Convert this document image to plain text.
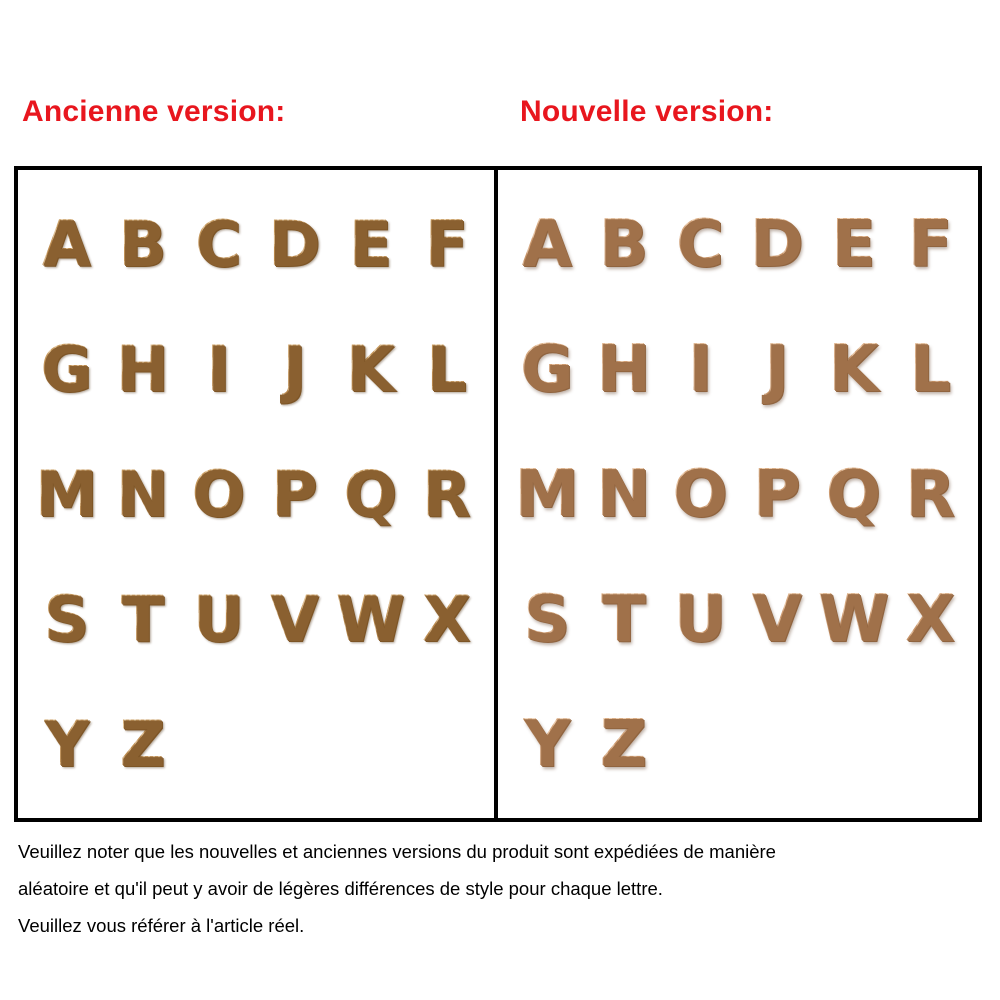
Ancienne version:	Nouvelle version:
A
CUSTOM TEXT
B
CUSTOM TEXT
C D E
CUSTOM TEXT
F
CUSTOM TEXT
G
CUSTOM TEXT
H
CUSTOM TEXT
I
CUSTOM TEXT
J
CUSTOM TEXT
K
CUSTOM TEXT
L
CUSTOM TEXT
M
CUSTOM TEXT
N
CUSTOM TEXT
O
CUSTOM TEXT
P
CUSTOM TEXT
Q
CUSTOM TEXT
R
CUSTOM TEXT
S
CUSTOM TEXT
T
CUSTOM TEXT
U
CUSTOM TEXT
V
CUSTOM TEXT
W
CUSTOM TEXT
X
CUSTOM TEXT
Y
CUSTOM TEXT
Z
CUSTOM TEXT
A B C D E F
G H I J K L
M N O P Q R
S T U V W X
Y Z

Veuillez noter que les nouvelles et anciennes versions du produit sont expédiées de manière

aléatoire et qu'il peut y avoir de légères différences de style pour chaque lettre.

Veuillez vous référer à l'article réel.
